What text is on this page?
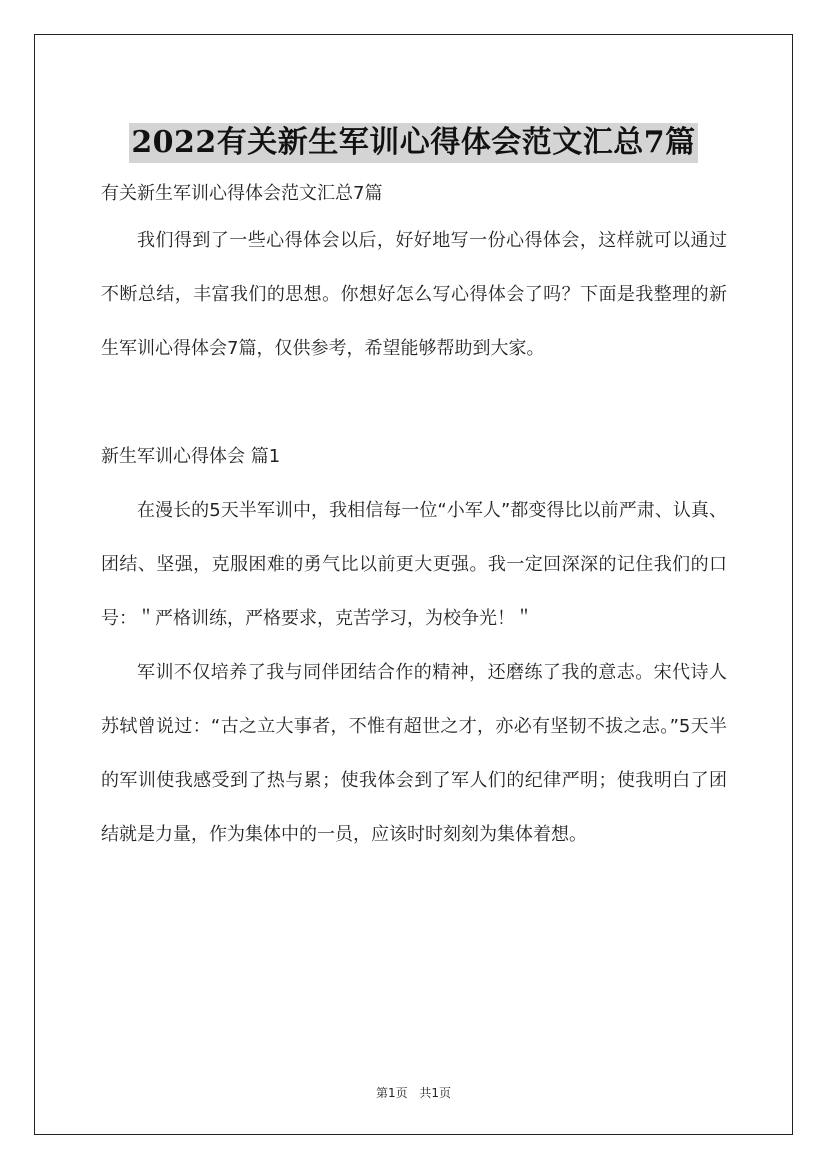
2022有关新生军训心得体会范文汇总7篇

有关新生军训心得体会范文汇总7篇

我们得到了一些心得体会以后，好好地写一份心得体会，这样就可以通过不断总结，丰富我们的思想。你想好怎么写心得体会了吗？下面是我整理的新生军训心得体会7篇，仅供参考，希望能够帮助到大家。

新生军训心得体会 篇1

在漫长的5天半军训中，我相信每一位“小军人”都变得比以前严肃、认真、团结、坚强，克服困难的勇气比以前更大更强。我一定回深深的记住我们的口号：＂严格训练，严格要求，克苦学习，为校争光！＂

军训不仅培养了我与同伴团结合作的精神，还磨练了我的意志。宋代诗人苏轼曾说过：“古之立大事者，不惟有超世之才，亦必有坚韧不拔之志。”5天半的军训使我感受到了热与累；使我体会到了军人们的纪律严明；使我明白了团结就是力量，作为集体中的一员，应该时时刻刻为集体着想。

第1页 共1页
